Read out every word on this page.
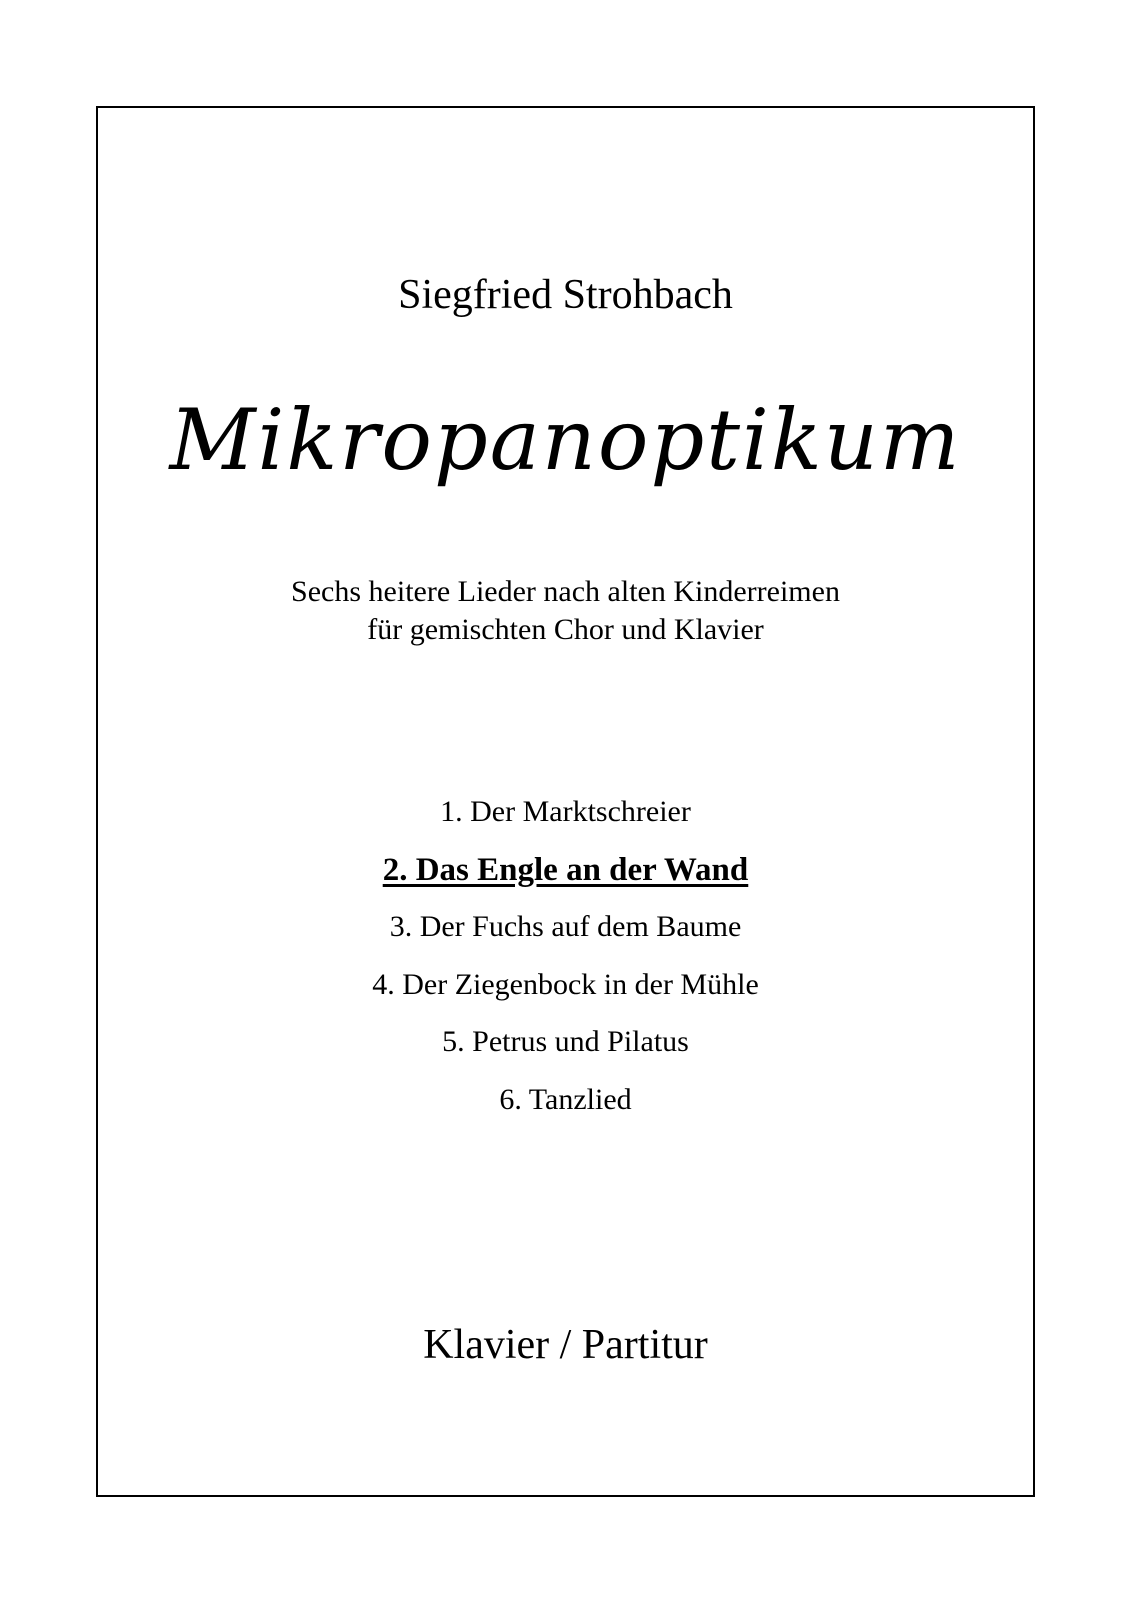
Siegfried Strohbach
Mikropanoptikum
Sechs heitere Lieder nach alten Kinderreimen
für gemischten Chor und Klavier
1. Der Marktschreier
2. Das Engle an der Wand
3. Der Fuchs auf dem Baume
4. Der Ziegenbock in der Mühle
5. Petrus und Pilatus
6. Tanzlied
Klavier / Partitur
